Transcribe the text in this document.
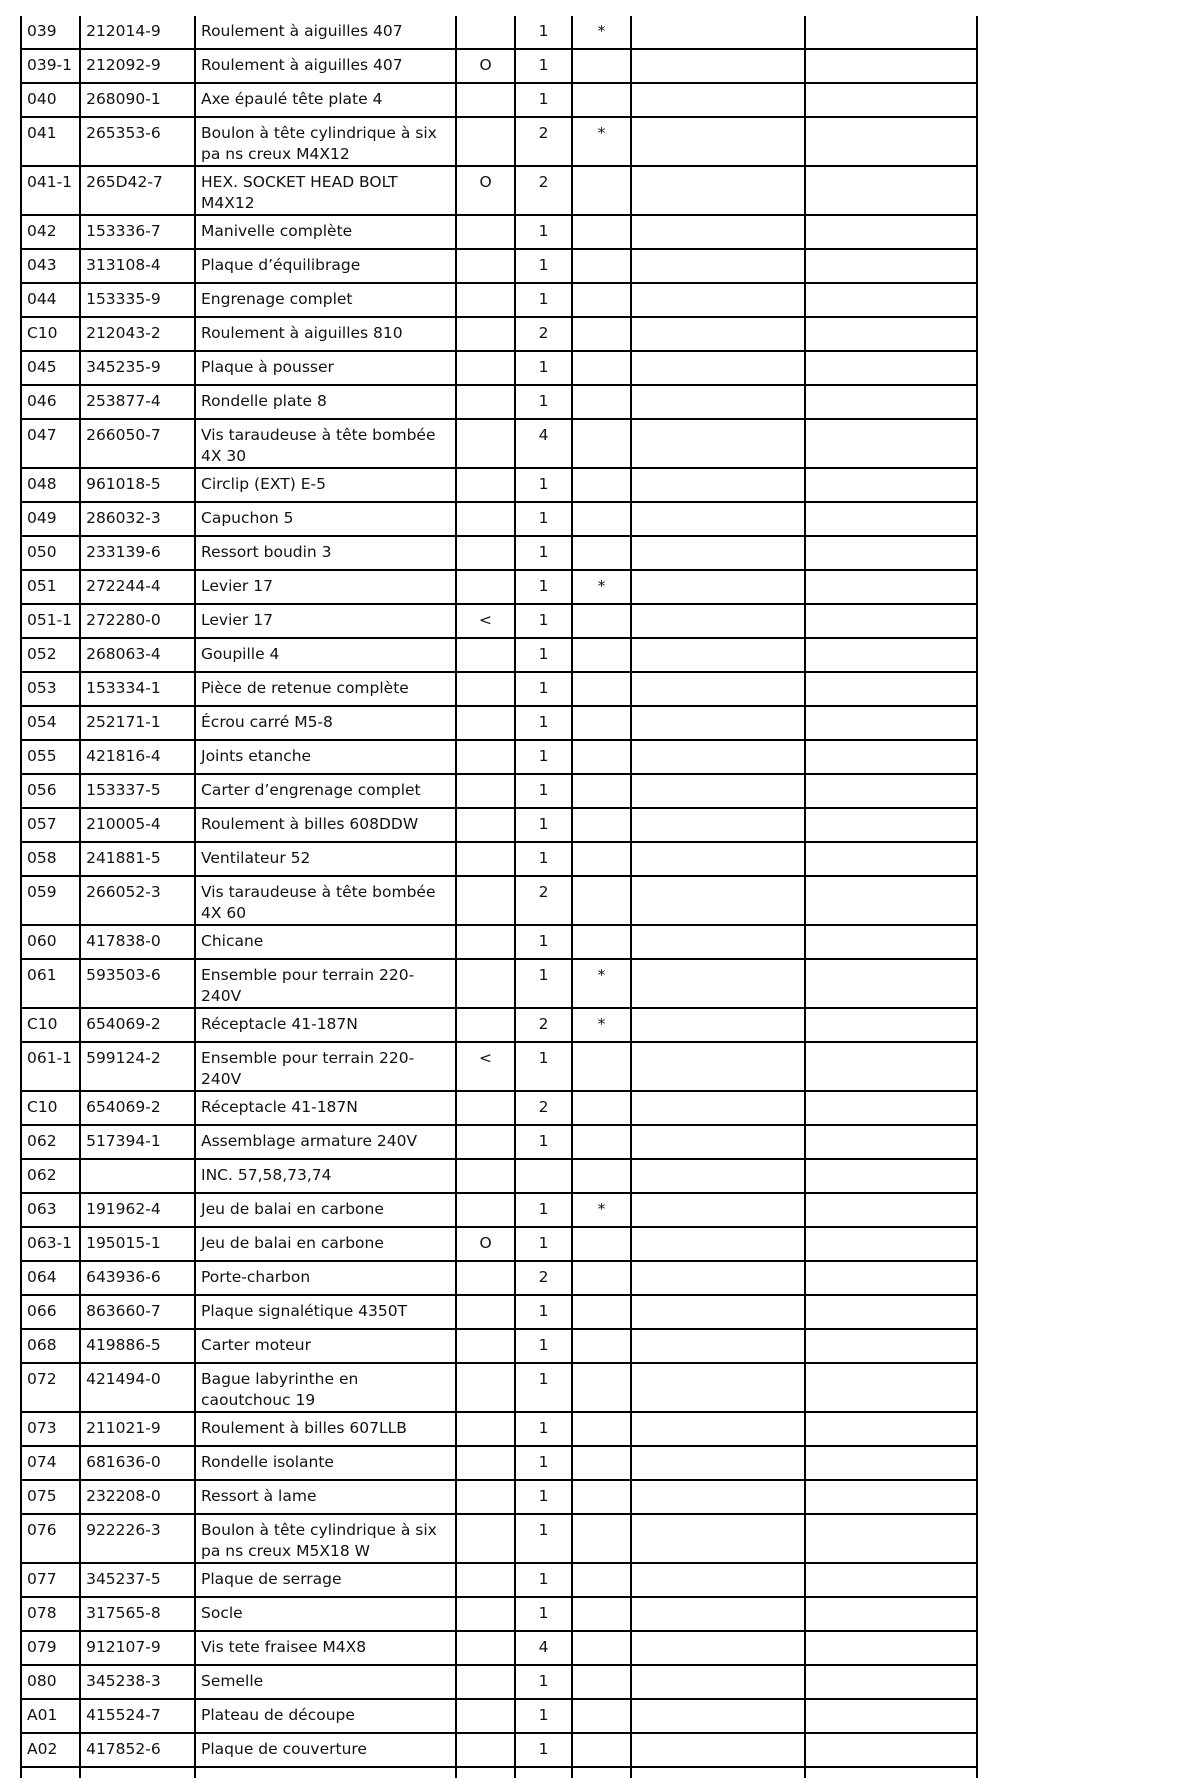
039	212014-9	Roulement à aiguilles 407		1	*		
039-1	212092-9	Roulement à aiguilles 407	O	1			
040	268090-1	Axe épaulé tête plate 4		1			
041	265353-6	Boulon à tête cylindrique à six pa ns creux M4X12		2	*		
041-1	265D42-7	HEX. SOCKET HEAD BOLT M4X12	O	2			
042	153336-7	Manivelle complète		1			
043	313108-4	Plaque d’équilibrage		1			
044	153335-9	Engrenage complet		1			
C10	212043-2	Roulement à aiguilles 810		2			
045	345235-9	Plaque à pousser		1			
046	253877-4	Rondelle plate 8		1			
047	266050-7	Vis taraudeuse à tête bombée 4X 30		4			
048	961018-5	Circlip (EXT) E-5		1			
049	286032-3	Capuchon 5		1			
050	233139-6	Ressort boudin 3		1			
051	272244-4	Levier 17		1	*		
051-1	272280-0	Levier 17	<	1			
052	268063-4	Goupille 4		1			
053	153334-1	Pièce de retenue complète		1			
054	252171-1	Écrou carré M5-8		1			
055	421816-4	Joints etanche		1			
056	153337-5	Carter d’engrenage complet		1			
057	210005-4	Roulement à billes 608DDW		1			
058	241881-5	Ventilateur 52		1			
059	266052-3	Vis taraudeuse à tête bombée 4X 60		2			
060	417838-0	Chicane		1			
061	593503-6	Ensemble pour terrain 220-240V		1	*		
C10	654069-2	Réceptacle 41-187N		2	*		
061-1	599124-2	Ensemble pour terrain 220-240V	<	1			
C10	654069-2	Réceptacle 41-187N		2			
062	517394-1	Assemblage armature 240V		1			
062		INC. 57,58,73,74					
063	191962-4	Jeu de balai en carbone		1	*		
063-1	195015-1	Jeu de balai en carbone	O	1			
064	643936-6	Porte-charbon		2			
066	863660-7	Plaque signalétique 4350T		1			
068	419886-5	Carter moteur		1			
072	421494-0	Bague labyrinthe en caoutchouc 19		1			
073	211021-9	Roulement à billes 607LLB		1			
074	681636-0	Rondelle isolante		1			
075	232208-0	Ressort à lame		1			
076	922226-3	Boulon à tête cylindrique à six pa ns creux M5X18 W		1			
077	345237-5	Plaque de serrage		1			
078	317565-8	Socle		1			
079	912107-9	Vis tete fraisee M4X8		4			
080	345238-3	Semelle		1			
A01	415524-7	Plateau de découpe		1			
A02	417852-6	Plaque de couverture		1			
